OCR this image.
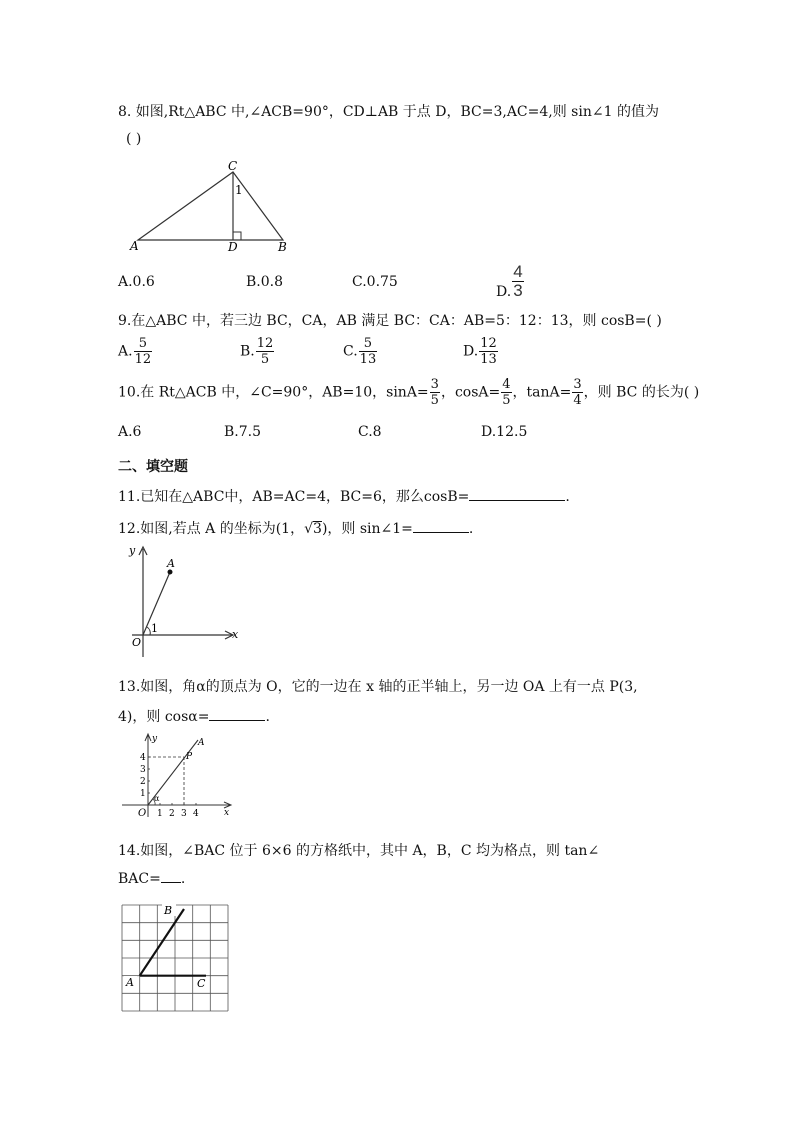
8. 如图,Rt△ABC 中,∠ACB=90°，CD⊥AB 于点 D，BC=3,AC=4,则 sin∠1 的值为
( )
C
1
A	D	B
A.0.6	B.0.8	C.0.75
D. $\frac{4}{3}$
9.在△ABC 中，若三边 BC，CA，AB 满足 BC：CA：AB=5：12：13，则 cosB=( )
A. $\frac{5}{12}$	B. $\frac{12}{5}$	C. $\frac{5}{13}$	D. $\frac{12}{13}$
10.在 Rt△ACB 中，∠C=90°，AB=10，$\sin A= \frac{3}{5}$ ，$\cos A= \frac{4}{5}$ ，$\tan A= \frac{3}{4}$ ，则 BC 的长为( )
A.6	B.7.5	C.8	D.12.5
二、填空题
11.已知在△ABC中，AB=AC=4，BC=6，那么cosB=	.
12.如图,若点 A 的坐标为(1，√3)，则 sin∠1=	.
y
x
O
A
1
13.如图，角α的顶点为 O，它的一边在 x 轴的正半轴上，另一边 OA 上有一点 P(3,
4)，则 cosα=	.
1 2 3 4
1
2
3
4
y
x
O
A
P
α
14.如图，∠BAC 位于 6×6 的方格纸中，其中 A，B，C 均为格点，则 tan∠
BAC= .
B
A	C
